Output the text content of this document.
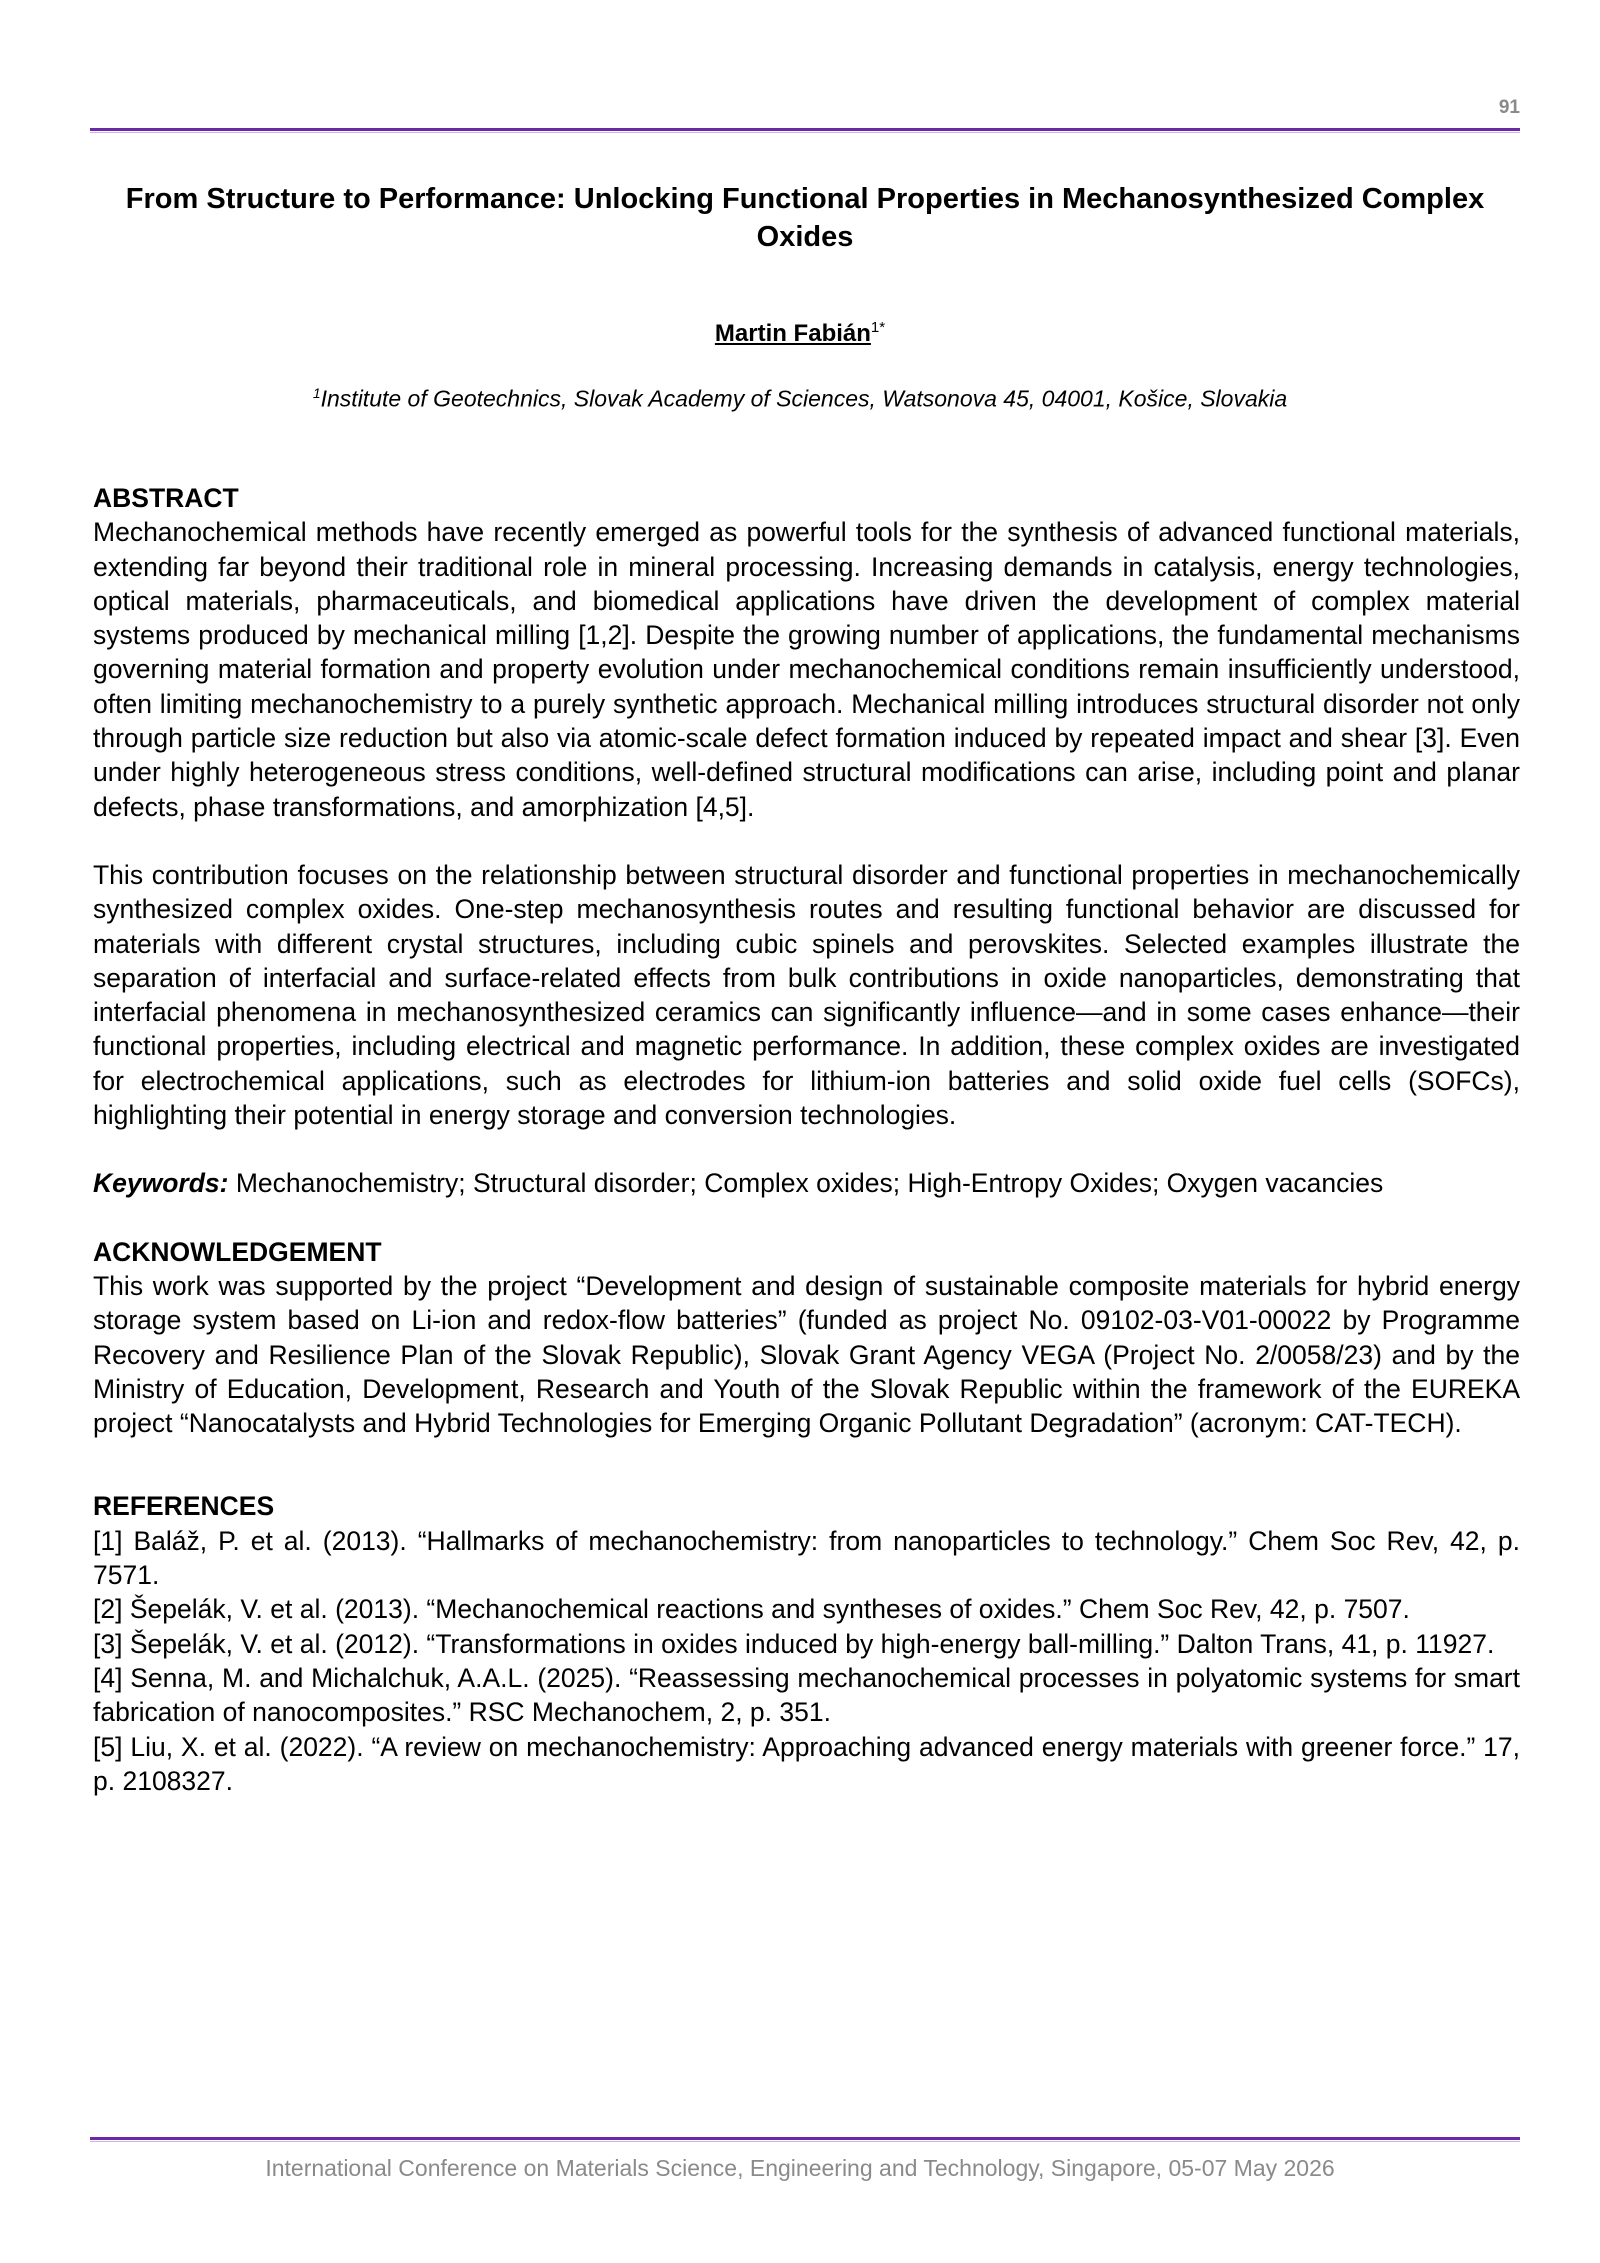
91
From Structure to Performance: Unlocking Functional Properties in Mechanosynthesized Complex Oxides
Martin Fabián$^{1*}$
$^1$Institute of Geotechnics, Slovak Academy of Sciences, Watsonova 45, 04001, Košice, Slovakia
ABSTRACT

Mechanochemical methods have recently emerged as powerful tools for the synthesis of advanced functional materials, extending far beyond their traditional role in mineral processing. Increasing demands in catalysis, energy technologies, optical materials, pharmaceuticals, and biomedical applications have driven the development of complex material systems produced by mechanical milling [1,2]. Despite the growing number of applications, the fundamental mechanisms governing material formation and property evolution under mechanochemical conditions remain insufficiently understood, often limiting mechanochemistry to a purely synthetic approach. Mechanical milling introduces structural disorder not only through particle size reduction but also via atomic-scale defect formation induced by repeated impact and shear [3]. Even under highly heterogeneous stress conditions, well-defined structural modifications can arise, including point and planar defects, phase transformations, and amorphization [4,5].

This contribution focuses on the relationship between structural disorder and functional properties in mechanochemically synthesized complex oxides. One-step mechanosynthesis routes and resulting functional behavior are discussed for materials with different crystal structures, including cubic spinels and perovskites. Selected examples illustrate the separation of interfacial and surface-related effects from bulk contributions in oxide nanoparticles, demonstrating that interfacial phenomena in mechanosynthesized ceramics can significantly influence—and in some cases enhance—their functional properties, including electrical and magnetic performance. In addition, these complex oxides are investigated for electrochemical applications, such as electrodes for lithium-ion batteries and solid oxide fuel cells (SOFCs), highlighting their potential in energy storage and conversion technologies.

Keywords: Mechanochemistry; Structural disorder; Complex oxides; High-Entropy Oxides; Oxygen vacancies

ACKNOWLEDGEMENT

This work was supported by the project “Development and design of sustainable composite materials for hybrid energy storage system based on Li-ion and redox-flow batteries” (funded as project No. 09102-03-V01-00022 by Programme Recovery and Resilience Plan of the Slovak Republic), Slovak Grant Agency VEGA (Project No. 2/0058/23) and by the Ministry of Education, Development, Research and Youth of the Slovak Republic within the framework of the EUREKA project “Nanocatalysts and Hybrid Technologies for Emerging Organic Pollutant Degradation” (acronym: CAT-TECH).

REFERENCES

[1] Baláž, P. et al. (2013). “Hallmarks of mechanochemistry: from nanoparticles to technology.” Chem Soc Rev, 42, p. 7571.

[2] Šepelák, V. et al. (2013). “Mechanochemical reactions and syntheses of oxides.” Chem Soc Rev, 42, p. 7507.

[3] Šepelák, V. et al. (2012). “Transformations in oxides induced by high-energy ball-milling.” Dalton Trans, 41, p. 11927.

[4] Senna, M. and Michalchuk, A.A.L. (2025). “Reassessing mechanochemical processes in polyatomic systems for smart fabrication of nanocomposites.” RSC Mechanochem, 2, p. 351.

[5] Liu, X. et al. (2022). “A review on mechanochemistry: Approaching advanced energy materials with greener force.” 17, p. 2108327.

International Conference on Materials Science, Engineering and Technology, Singapore, 05-07 May 2026
